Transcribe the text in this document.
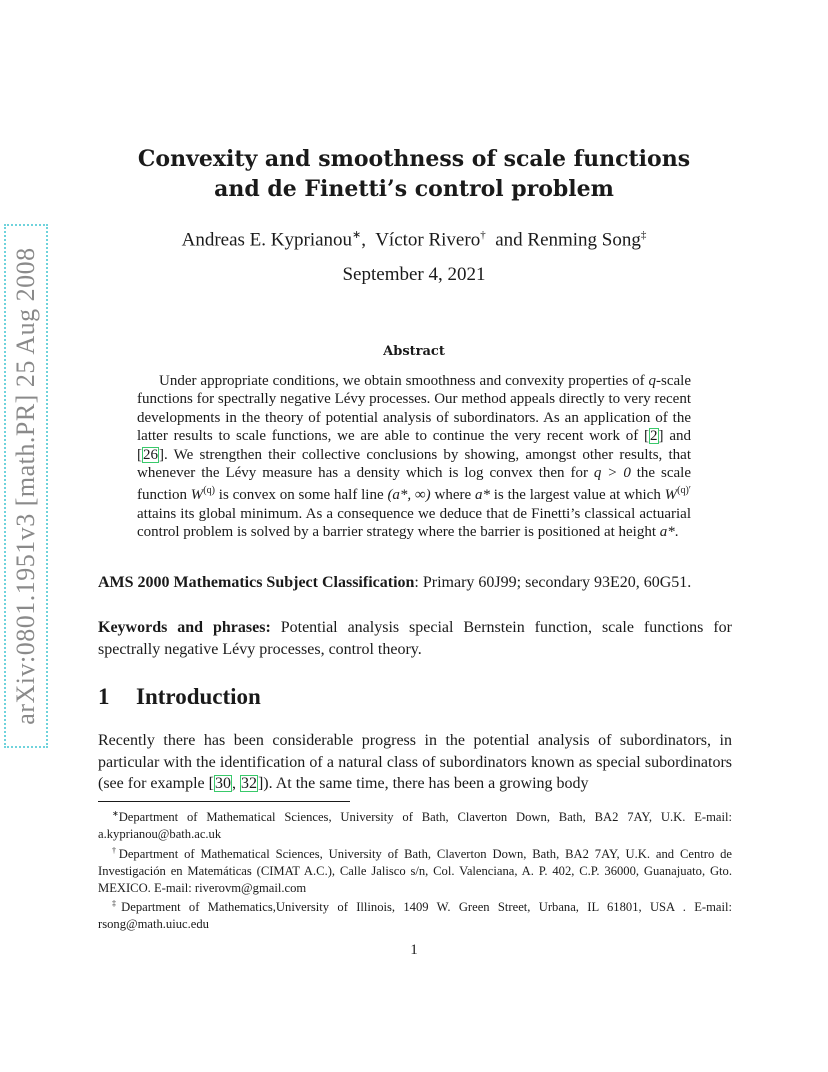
arXiv:0801.1951v3 [math.PR] 25 Aug 2008
Convexity and smoothness of scale functions
and de Finetti’s control problem
Andreas E. Kyprianou∗,  Víctor Rivero† and Renming Song‡
September 4, 2021
Abstract

Under appropriate conditions, we obtain smoothness and convexity properties of q-scale functions for spectrally negative Lévy processes. Our method appeals directly to very recent developments in the theory of potential analysis of subordinators. As an application of the latter results to scale functions, we are able to continue the very recent work of [2] and [26]. We strengthen their collective conclusions by showing, amongst other results, that whenever the Lévy measure has a density which is log convex then for q > 0 the scale function $W^{(q)}$ is convex on some half line (a*, ∞) where a* is the largest value at which $W^{(q)'}$ attains its global minimum. As a consequence we deduce that de Finetti’s classical actuarial control problem is solved by a barrier strategy where the barrier is positioned at height a*.

AMS 2000 Mathematics Subject Classification: Primary 60J99; secondary 93E20, 60G51.

Keywords and phrases: Potential analysis special Bernstein function, scale functions for spectrally negative Lévy processes, control theory.

1 Introduction

Recently there has been considerable progress in the potential analysis of subordinators, in particular with the identification of a natural class of subordinators known as special subordinators (see for example [30, 32]). At the same time, there has been a growing body

∗Department of Mathematical Sciences, University of Bath, Claverton Down, Bath, BA2 7AY, U.K. E-mail: a.kyprianou@bath.ac.uk

†Department of Mathematical Sciences, University of Bath, Claverton Down, Bath, BA2 7AY, U.K. and Centro de Investigación en Matemáticas (CIMAT A.C.), Calle Jalisco s/n, Col. Valenciana, A. P. 402, C.P. 36000, Guanajuato, Gto. MEXICO. E-mail: riverovm@gmail.com

‡Department of Mathematics,University of Illinois, 1409 W. Green Street, Urbana, IL 61801, USA . E-mail: rsong@math.uiuc.edu

1
